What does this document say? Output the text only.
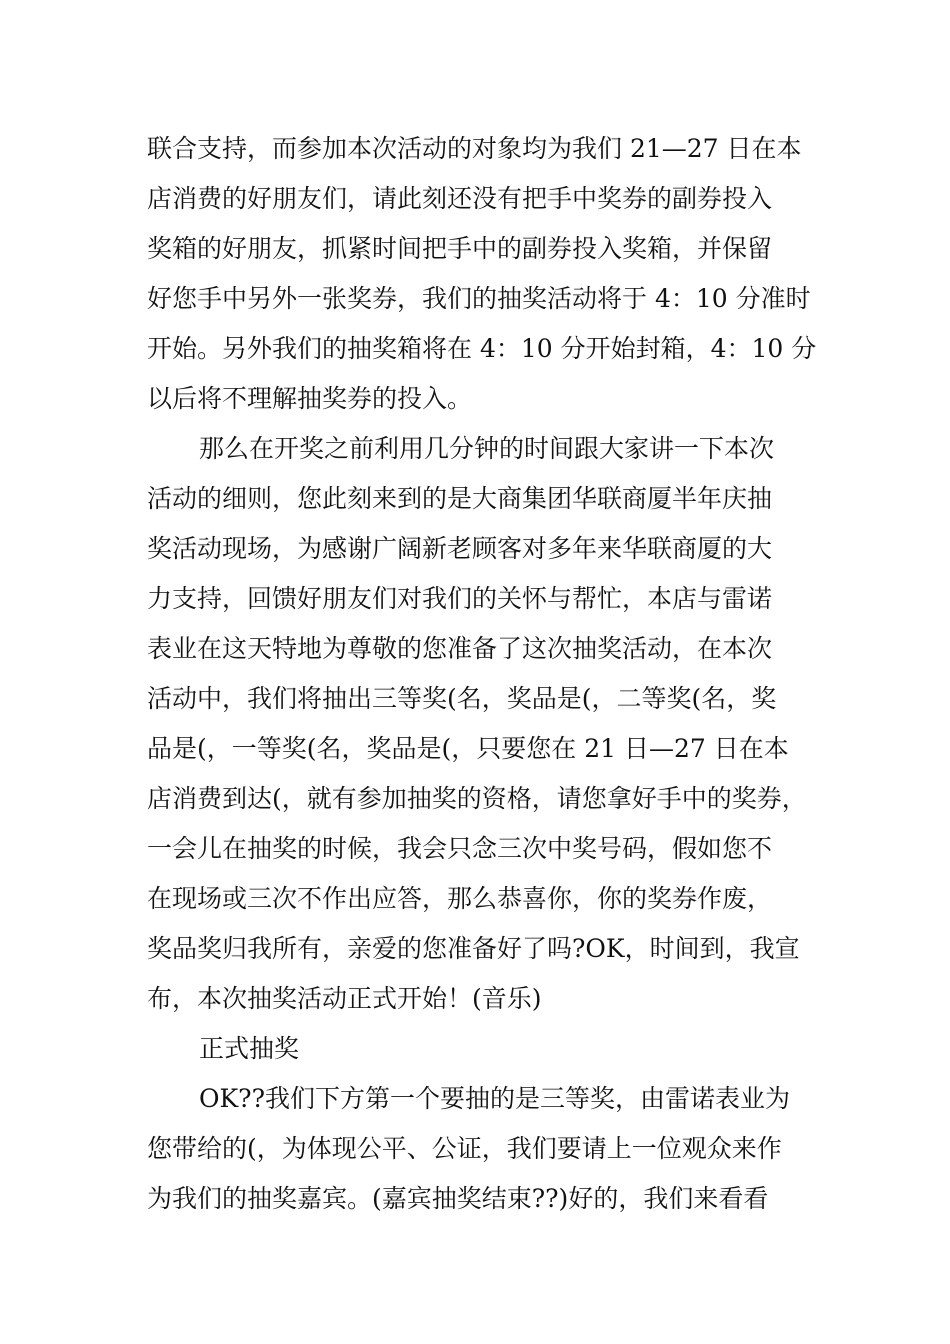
联合支持，而参加本次活动的对象均为我们 21—27 日在本
店消费的好朋友们，请此刻还没有把手中奖券的副券投入
奖箱的好朋友，抓紧时间把手中的副券投入奖箱，并保留
好您手中另外一张奖券，我们的抽奖活动将于 4：10 分准时
开始。另外我们的抽奖箱将在 4：10 分开始封箱，4：10 分
以后将不理解抽奖券的投入。
那么在开奖之前利用几分钟的时间跟大家讲一下本次
活动的细则，您此刻来到的是大商集团华联商厦半年庆抽
奖活动现场，为感谢广阔新老顾客对多年来华联商厦的大
力支持，回馈好朋友们对我们的关怀与帮忙，本店与雷诺
表业在这天特地为尊敬的您准备了这次抽奖活动，在本次
活动中，我们将抽出三等奖(名，奖品是(，二等奖(名，奖
品是(，一等奖(名，奖品是(，只要您在 21 日—27 日在本
店消费到达(，就有参加抽奖的资格，请您拿好手中的奖券，
一会儿在抽奖的时候，我会只念三次中奖号码，假如您不
在现场或三次不作出应答，那么恭喜你，你的奖券作废，
奖品奖归我所有，亲爱的您准备好了吗?OK，时间到，我宣
布，本次抽奖活动正式开始！(音乐)
正式抽奖
OK??我们下方第一个要抽的是三等奖，由雷诺表业为
您带给的(，为体现公平、公证，我们要请上一位观众来作
为我们的抽奖嘉宾。(嘉宾抽奖结束??)好的，我们来看看
